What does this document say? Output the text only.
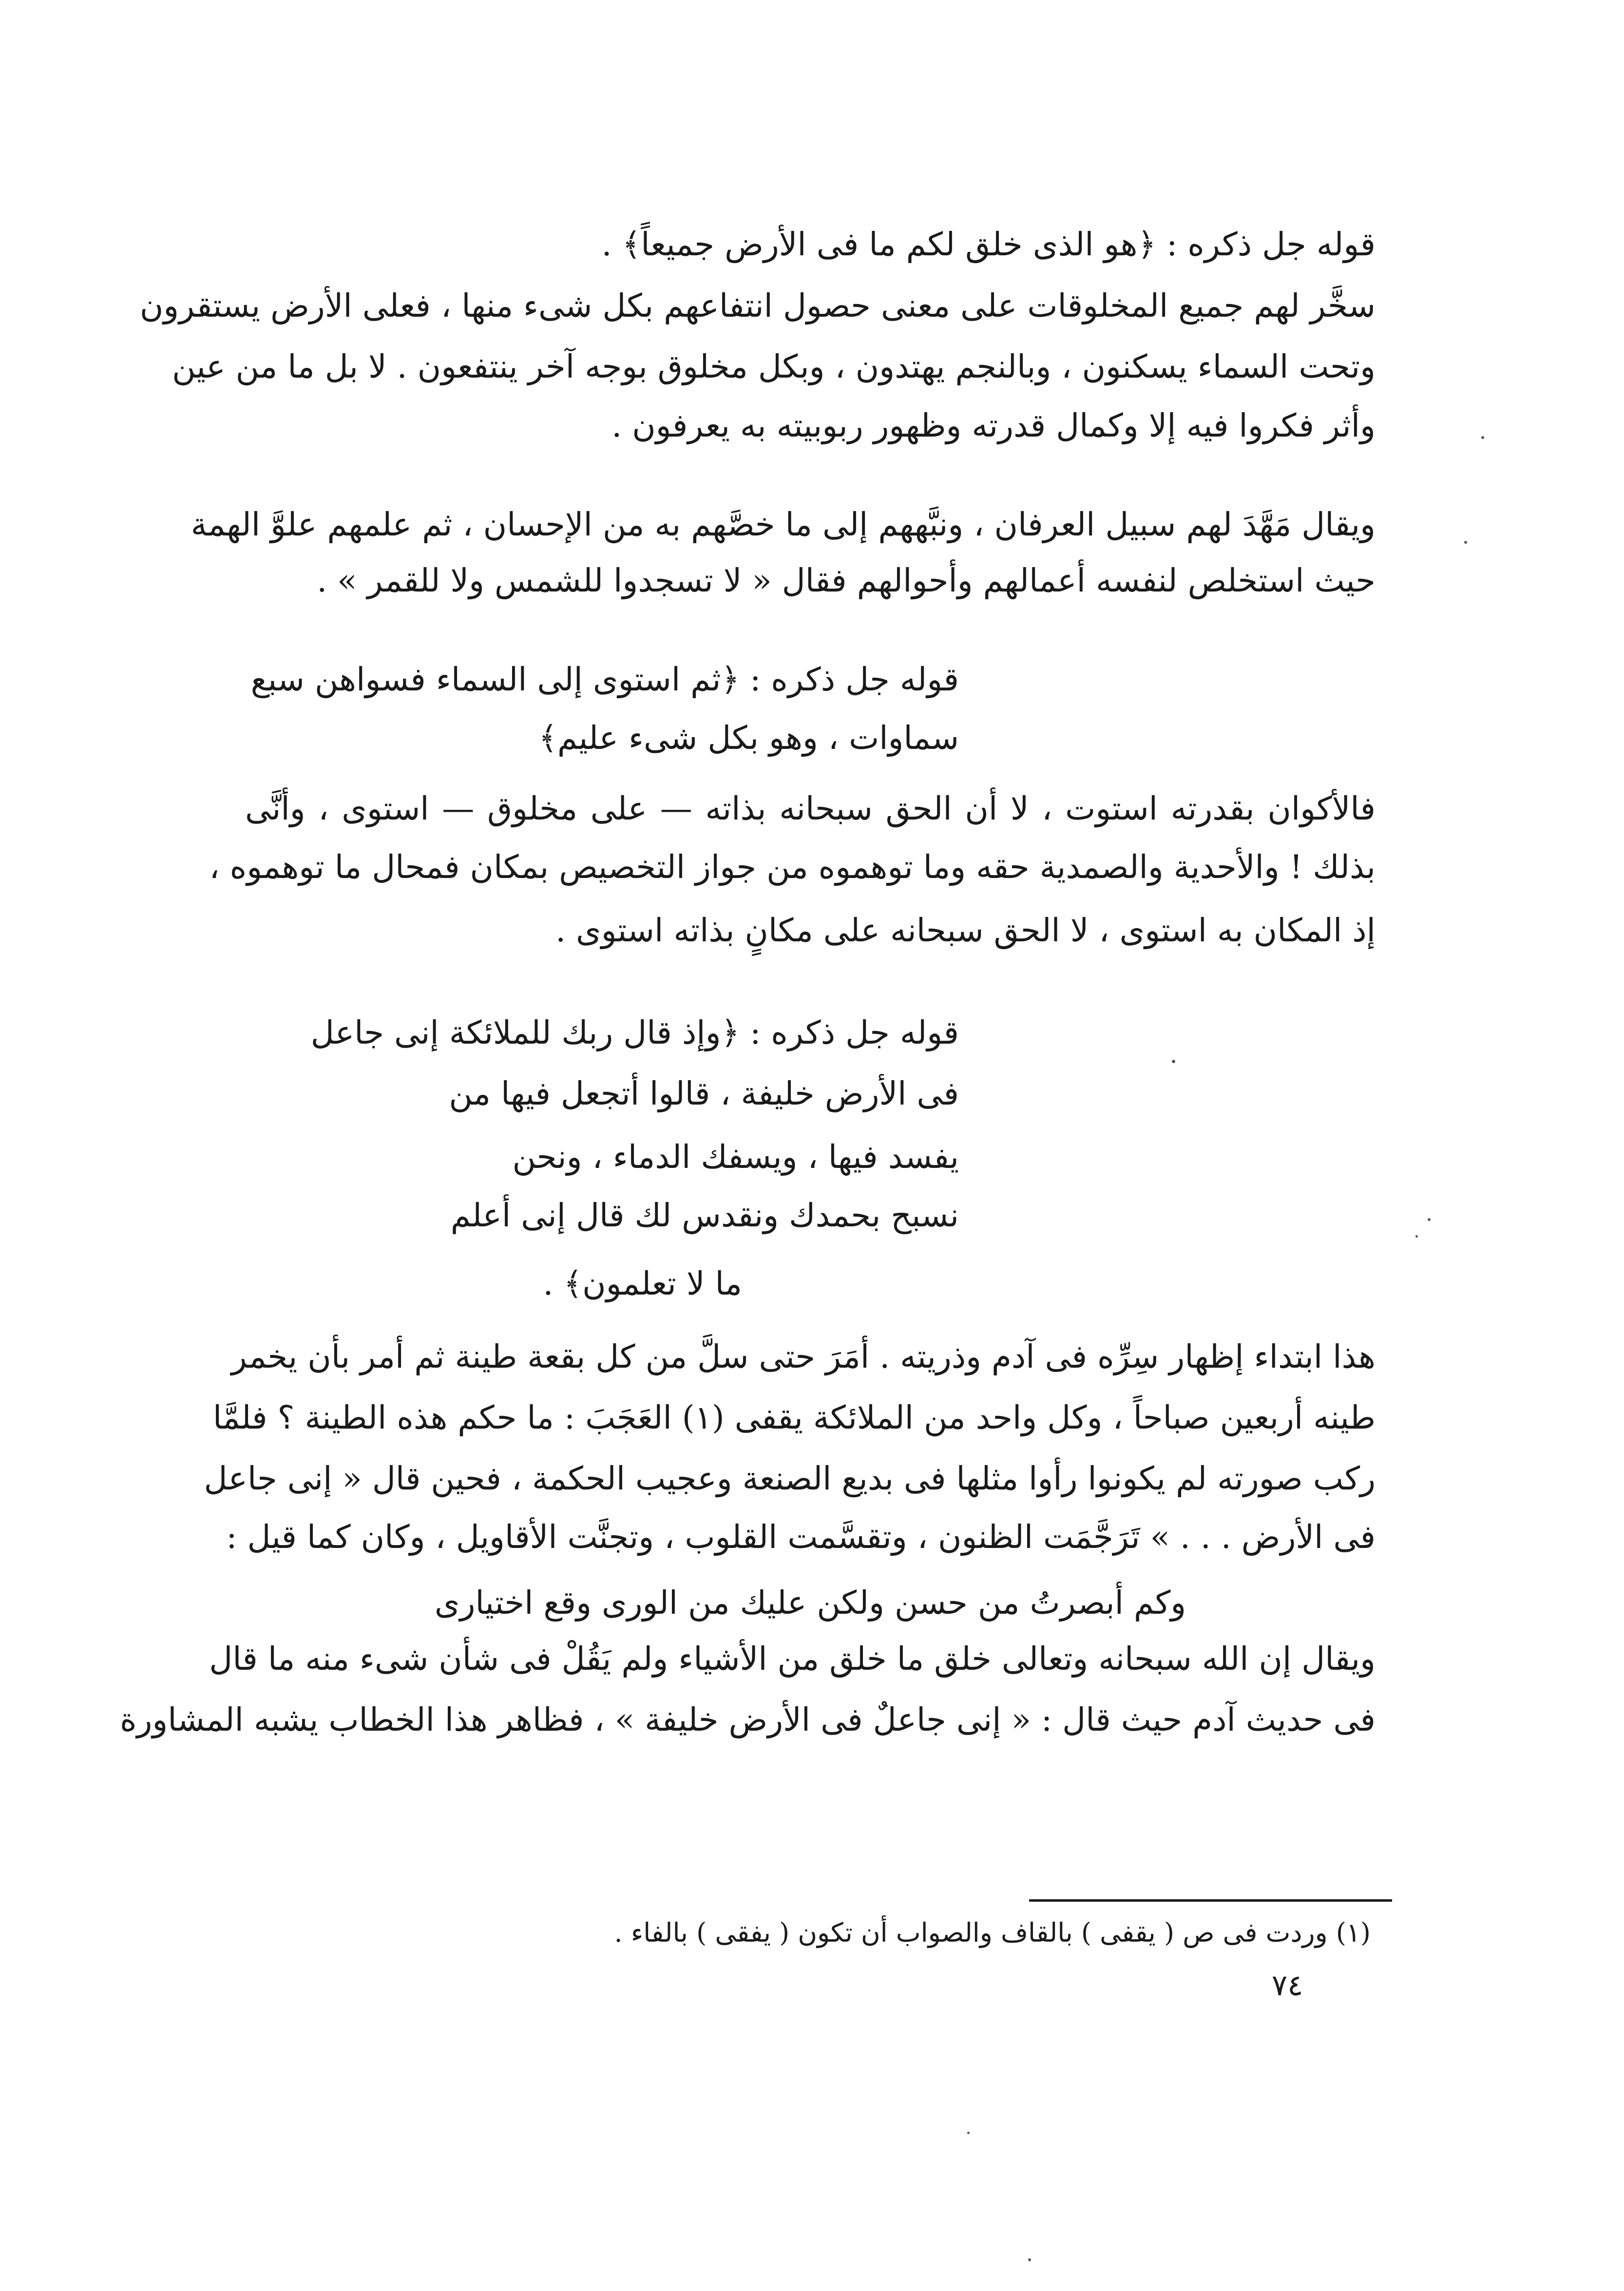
قوله جل ذكره : ﴿هو الذى خلق لكم ما فى الأرض جميعاً﴾ .
سخَّر لهم جميع المخلوقات على معنى حصول انتفاعهم بكل شىء منها ، فعلى الأرض يستقرون
وتحت السماء يسكنون ، وبالنجم يهتدون ، وبكل مخلوق بوجه آخر ينتفعون . لا بل ما من عين
وأثر فكروا فيه إلا وكمال قدرته وظهور ربوبيته به يعرفون .
ويقال مَهَّدَ لهم سبيل العرفان ، ونبَّههم إلى ما خصَّهم به من الإحسان ، ثم علمهم علوَّ الهمة
حيث استخلص لنفسه أعمالهم وأحوالهم فقال « لا تسجدوا للشمس ولا للقمر » .
قوله جل ذكره : ﴿ثم استوى إلى السماء فسواهن سبع
سماوات ، وهو بكل شىء عليم﴾
فالأكوان بقدرته استوت ، لا أن الحق سبحانه بذاته — على مخلوق — استوى ، وأنَّى
بذلك ! والأحدية والصمدية حقه وما توهموه من جواز التخصيص بمكان فمحال ما توهموه ،
إذ المكان به استوى ، لا الحق سبحانه على مكانٍ بذاته استوى .
قوله جل ذكره : ﴿وإذ قال ربك للملائكة إنى جاعل
فى الأرض خليفة ، قالوا أتجعل فيها من
يفسد فيها ، ويسفك الدماء ، ونحن
نسبح بحمدك ونقدس لك قال إنى أعلم
ما لا تعلمون﴾ .
هذا ابتداء إظهار سِرِّه فى آدم وذريته . أمَرَ حتى سلَّ من كل بقعة طينة ثم أمر بأن يخمر
طينه أربعين صباحاً ، وكل واحد من الملائكة يقفى (١) العَجَبَ : ما حكم هذه الطينة ؟ فلمَّا
ركب صورته لم يكونوا رأوا مثلها فى بديع الصنعة وعجيب الحكمة ، فحين قال « إنى جاعل
فى الأرض . . . » تَرَجَّمَت الظنون ، وتقسَّمت القلوب ، وتجنَّت الأقاويل ، وكان كما قيل :
وكم أبصرتُ من حسن ولكن عليك من الورى وقع اختيارى
ويقال إن الله سبحانه وتعالى خلق ما خلق من الأشياء ولم يَقُلْ فى شأن شىء منه ما قال
فى حديث آدم حيث قال : « إنى جاعلٌ فى الأرض خليفة » ، فظاهر هذا الخطاب يشبه المشاورة
(١) وردت فى ص ( يقفى ) بالقاف والصواب أن تكون ( يفقى ) بالفاء .
٧٤
